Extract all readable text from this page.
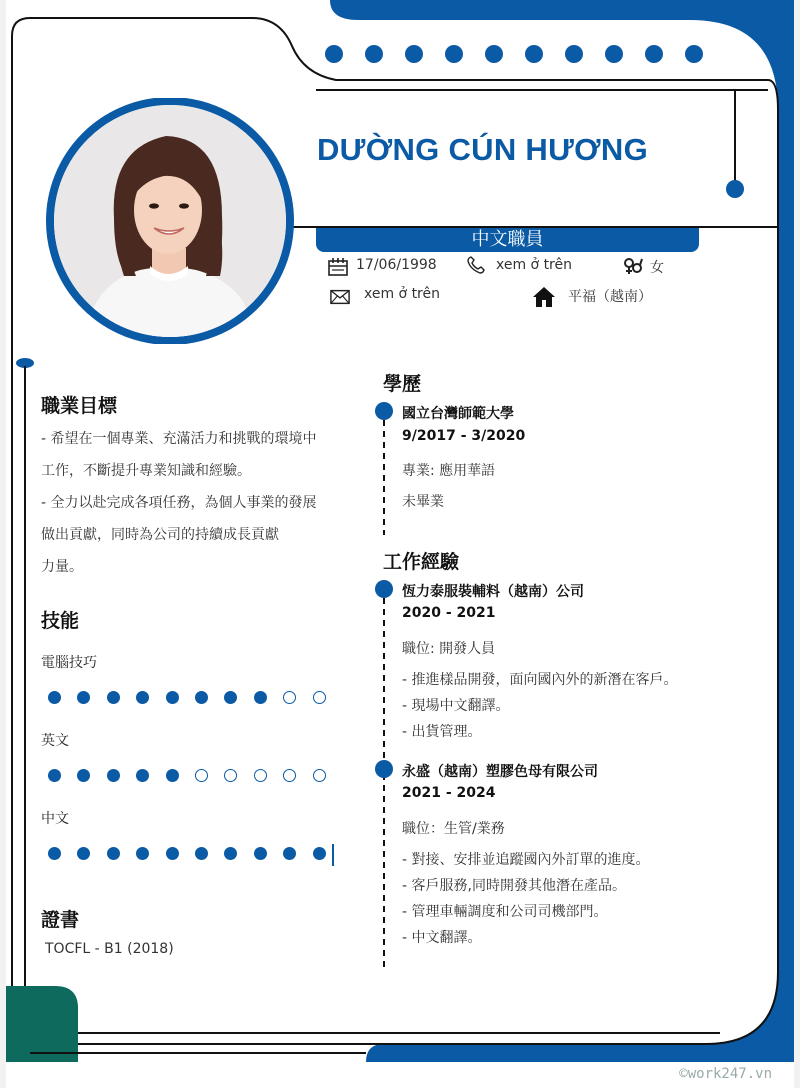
DƯỜNG CÚN HƯƠNG
中文職員
17/06/1998	xem ở trên	女
xem ở trên	平福（越南）
職業目標
- 希望在一個專業、充滿活力和挑戰的環境中
工作，不斷提升專業知識和經驗。
- 全力以赴完成各項任務，為個人事業的發展
做出貢獻，同時為公司的持續成長貢獻
力量。
技能
電腦技巧
英文
中文
證書
TOCFL - B1 (2018)
學歷
國立台灣師範大學
9/2017 - 3/2020
專業: 應用華語
未畢業
工作經驗
恆力泰服裝輔料（越南）公司
2020 - 2021
職位: 開發人員
- 推進樣品開發，面向國內外的新潛在客戶。
- 現場中文翻譯。
- 出貨管理。
永盛（越南）塑膠色母有限公司
2021 - 2024
職位：生管/業務
- 對接、安排並追蹤國內外訂單的進度。
- 客戶服務,同時開發其他潛在產品。
- 管理車輛調度和公司司機部門。
- 中文翻譯。
©work247.vn
